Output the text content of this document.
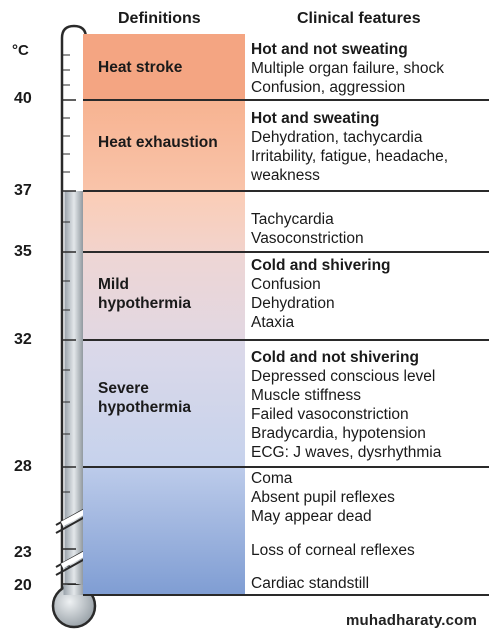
Definitions	Clinical features
°C
40
37
35
32
28
23
20
Heat stroke
Hot and not sweating
Multiple organ failure, shock
Confusion, aggression
Heat exhaustion
Hot and sweating
Dehydration, tachycardia
Irritability, fatigue, headache,
weakness
Tachycardia
Vasoconstriction
Mild
hypothermia
Cold and shivering
Confusion
Dehydration
Ataxia
Severe
hypothermia
Cold and not shivering
Depressed conscious level
Muscle stiffness
Failed vasoconstriction
Bradycardia, hypotension
ECG: J waves, dysrhythmia
Coma
Absent pupil reflexes
May appear dead
Loss of corneal reflexes
Cardiac standstill
muhadharaty.com
